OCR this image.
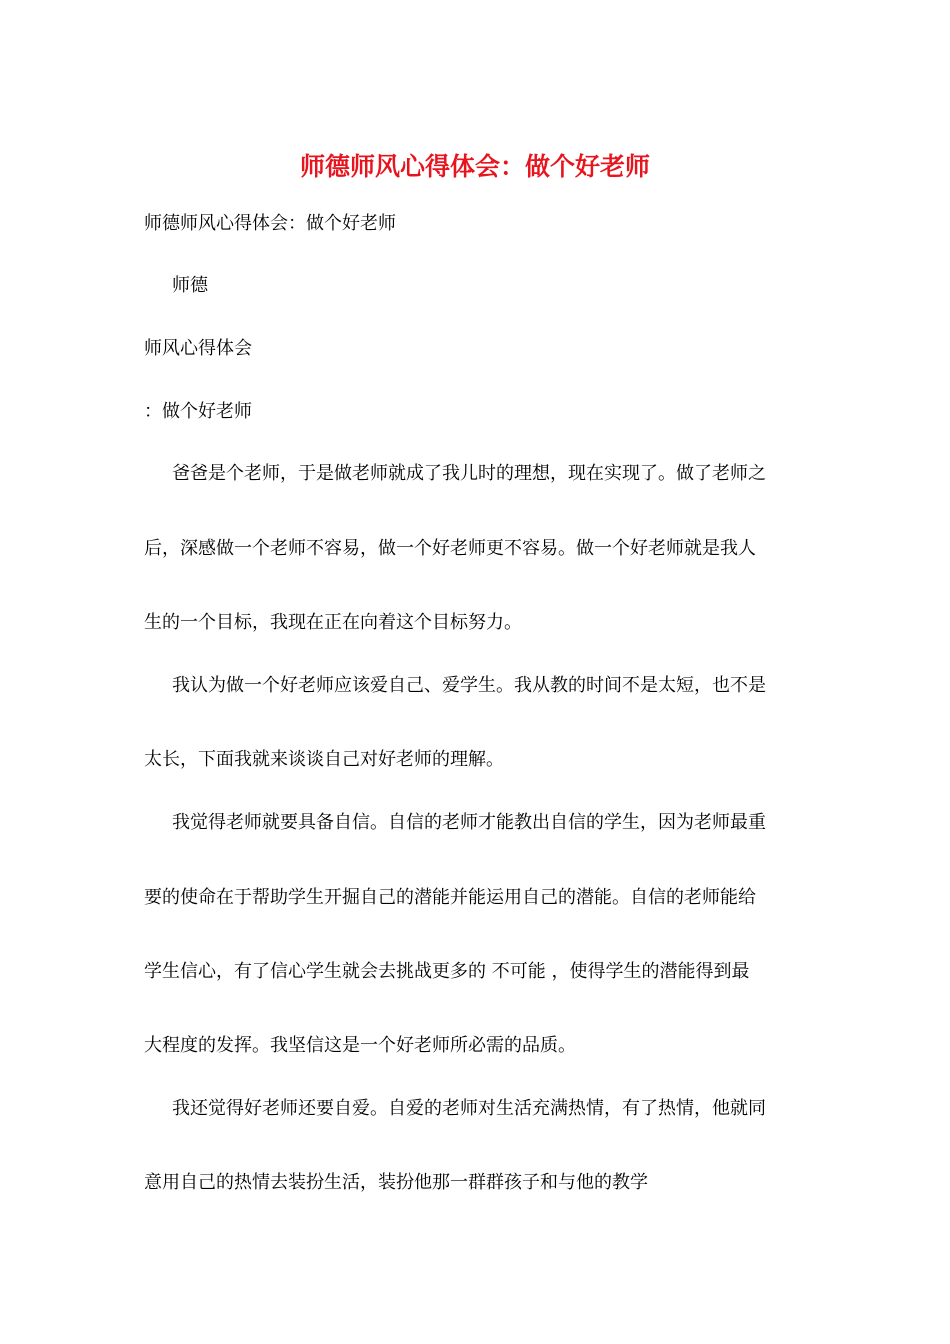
师德师风心得体会：做个好老师
师德师风心得体会：做个好老师
师德
师风心得体会
：做个好老师
爸爸是个老师，于是做老师就成了我儿时的理想，现在实现了。做了老师之
后，深感做一个老师不容易，做一个好老师更不容易。做一个好老师就是我人
生的一个目标，我现在正在向着这个目标努力。
我认为做一个好老师应该爱自己、爱学生。我从教的时间不是太短，也不是
太长，下面我就来谈谈自己对好老师的理解。
我觉得老师就要具备自信。自信的老师才能教出自信的学生，因为老师最重
要的使命在于帮助学生开掘自己的潜能并能运用自己的潜能。自信的老师能给
学生信心，有了信心学生就会去挑战更多的 不可能 ，使得学生的潜能得到最
大程度的发挥。我坚信这是一个好老师所必需的品质。
我还觉得好老师还要自爱。自爱的老师对生活充满热情，有了热情，他就同
意用自己的热情去装扮生活，装扮他那一群群孩子和与他的教学
